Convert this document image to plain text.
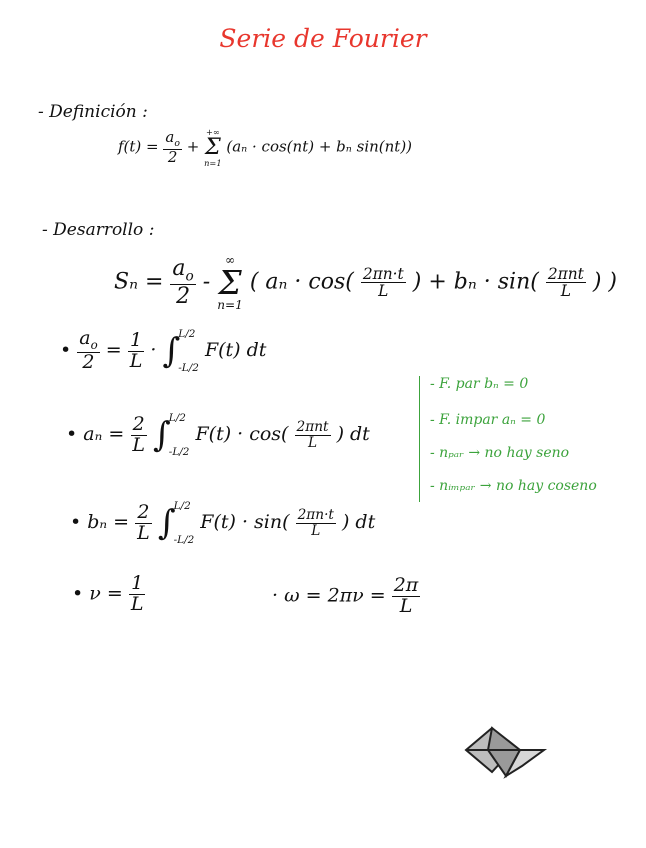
Serie de Fourier
- Definición :
$f(t) = \frac{a_o}{2}$ +
+∞
Σ
n=1
(aₙ · cos(nt) + bₙ sin(nt))
- Desarrollo :
$S_n = \frac{a_o}{2}$ -
∞
Σ
n=1
( $a_n \cdot \cos( \frac{2\pi n\cdot t}{L}$ ) + $b_n \cdot \sin( \frac{\text{2πnt}}{L}$ ) )
• $\frac{a_o}{2} = \frac{1}{L}$ · ∫
L/2
-L/2
F(t) dt
• $a_n = \frac{2}{L}$
∫
L/2
-L/2
$F(t) \cdot \cos( \frac{\text{2πnt}}{L}$ ) dt
• $b_n = \frac{2}{L}$
∫
L/2
-L/2
$F(t) \cdot \sin( \frac{2\pi n\cdot t}{L}$ ) dt
• $\nu = \frac{1}{L}$	· $\omega = 2\pi\nu = \frac{2\pi}{L}$
- F. par bₙ = 0
- F. impar aₙ = 0
- nₚₐᵣ → no hay seno
- nᵢₘₚₐᵣ → no hay coseno
